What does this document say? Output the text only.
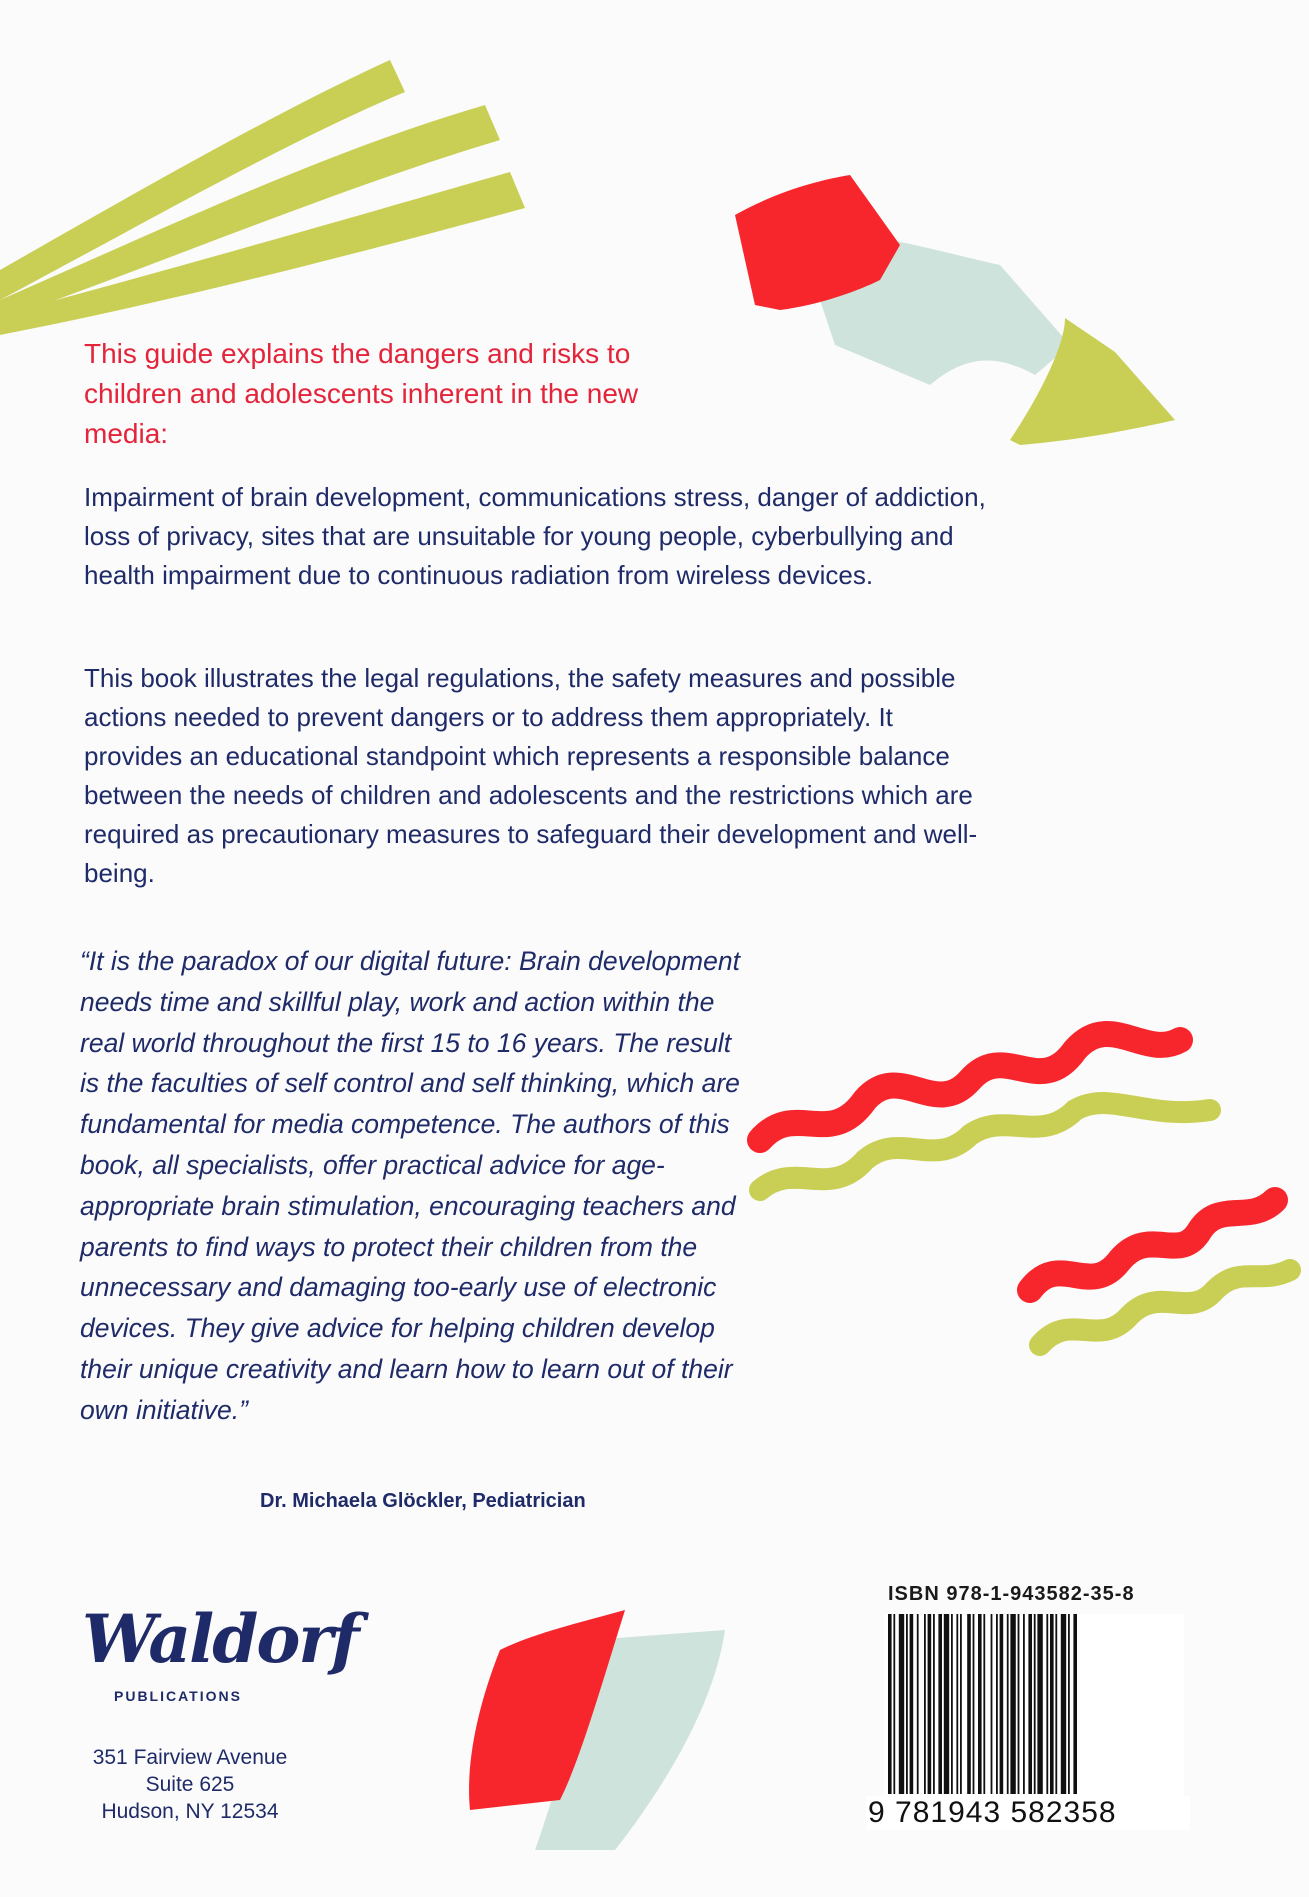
This guide explains the dangers and risks to children and adolescents inherent in the new media:

Impairment of brain development, communications stress, danger of addiction, loss of privacy, sites that are unsuitable for young people, cyberbullying and health impairment due to continuous radiation from wireless devices.

This book illustrates the legal regulations, the safety measures and possible actions needed to prevent dangers or to address them appropriately. It provides an educational standpoint which represents a responsible balance between the needs of children and adolescents and the restrictions which are required as precautionary measures to safeguard their development and well-being.

“It is the paradox of our digital future: Brain development needs time and skillful play, work and action within the real world throughout the first 15 to 16 years. The result is the faculties of self control and self thinking, which are fundamental for media competence. The authors of this book, all specialists, offer practical advice for age-appropriate brain stimulation, encouraging teachers and parents to find ways to protect their children from the unnecessary and damaging too-early use of electronic devices. They give advice for helping children develop their unique creativity and learn how to learn out of their own initiative.”

Dr. Michaela Glöckler, Pediatrician
Waldorf
PUBLICATIONS
351 Fairview Avenue
Suite 625
Hudson, NY 12534
ISBN 978-1-943582-35-8
9 781943 582358
